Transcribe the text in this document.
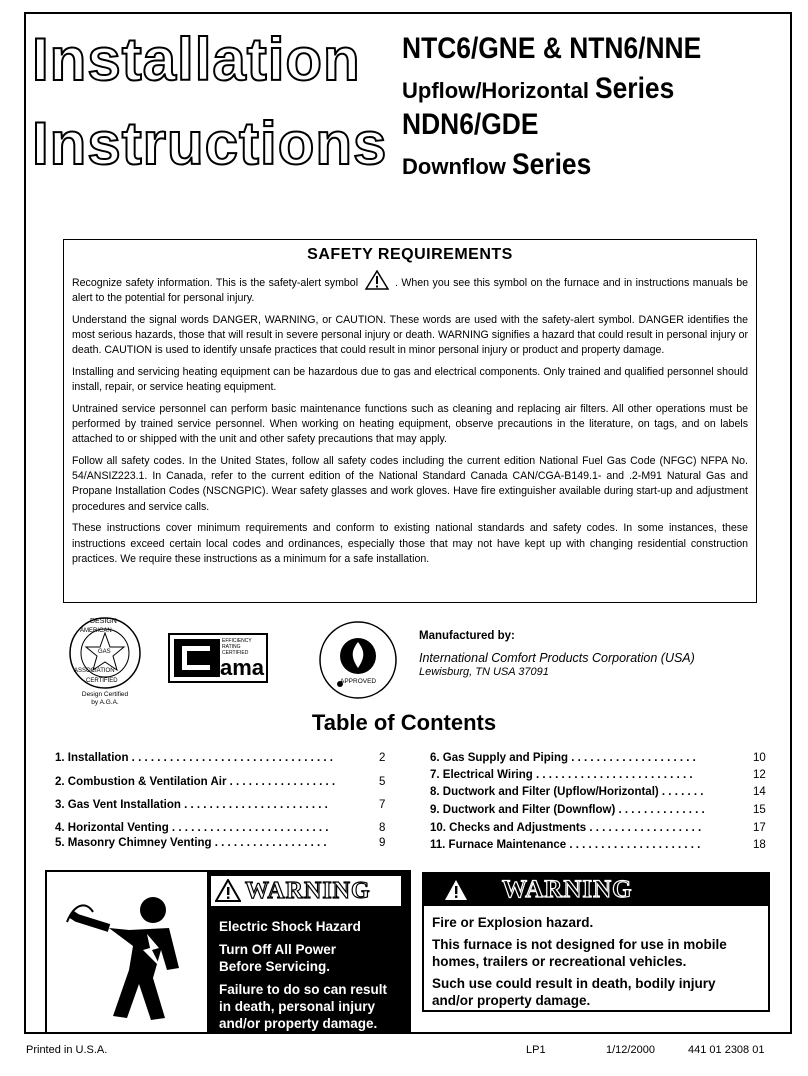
Installation
Instructions
NTC6/GNE & NTN6/NNE
Upflow/Horizontal Series
NDN6/GDE
Downflow Series
SAFETY REQUIREMENTS

Recognize safety information. This is the safety-alert symbol	. When you see this symbol on the furnace and in instructions manuals be alert to the potential for personal injury.

Understand the signal words DANGER, WARNING, or CAUTION. These words are used with the safety-alert symbol. DANGER identifies the most serious hazards, those that will result in severe personal injury or death. WARNING signifies a hazard that could result in personal injury or death. CAUTION is used to identify unsafe practices that could result in minor personal injury or product and property damage.

Installing and servicing heating equipment can be hazardous due to gas and electrical components. Only trained and qualified personnel should install, repair, or service heating equipment.

Untrained service personnel can perform basic maintenance functions such as cleaning and replacing air filters. All other operations must be performed by trained service personnel. When working on heating equipment, observe precautions in the literature, on tags, and on labels attached to or shipped with the unit and other safety precautions that may apply.

Follow all safety codes. In the United States, follow all safety codes including the current edition National Fuel Gas Code (NFGC) NFPA No. 54/ANSIZ223.1. In Canada, refer to the current edition of the National Standard Canada CAN/CGA-B149.1- and .2-M91 Natural Gas and Propane Installation Codes (NSCNGPIC). Wear safety glasses and work gloves. Have fire extinguisher available during start-up and adjustment procedures and service calls.

These instructions cover minimum requirements and conform to existing national standards and safety codes. In some instances, these instructions exceed certain local codes and ordinances, especially those that may not have kept up with changing residential construction practices. We require these instructions as a minimum for a safe installation.

DESIGN
AMERICAN
GAS
ASSOCIATION
CERTIFIED
Design Certified
by A.G.A.
EFFICIENCY
RATING
CERTIFIED
ama
APPROVED
Manufactured by:
International Comfort Products Corporation (USA)
Lewisburg, TN USA 37091
Table of Contents
1. Installation . . . . . . . . . . . . . . . . . . . . . . . . . . . . . . . .	2
2. Combustion & Ventilation Air . . . . . . . . . . . . . . . . .	5
3. Gas Vent Installation . . . . . . . . . . . . . . . . . . . . . . .	7
4. Horizontal Venting . . . . . . . . . . . . . . . . . . . . . . . . .	8
5. Masonry Chimney Venting . . . . . . . . . . . . . . . . . .	9
6. Gas Supply and Piping . . . . . . . . . . . . . . . . . . . .	10
7. Electrical Wiring . . . . . . . . . . . . . . . . . . . . . . . . .	12
8. Ductwork and Filter (Upflow/Horizontal) . . . . . . .	14
9. Ductwork and Filter (Downflow) . . . . . . . . . . . . . .	15
10. Checks and Adjustments . . . . . . . . . . . . . . . . . .	17
11. Furnace Maintenance . . . . . . . . . . . . . . . . . . . . .	18
WARNING
Electric Shock Hazard
Turn Off All Power
Before Servicing.
Failure to do so can result
in death, personal injury
and/or property damage.
WARNING
Fire or Explosion hazard.
This furnace is not designed for use in mobile
homes, trailers or recreational vehicles.
Such use could result in death, bodily injury
and/or property damage.
Printed in U.S.A.	LP1	1/12/2000	441 01 2308 01
